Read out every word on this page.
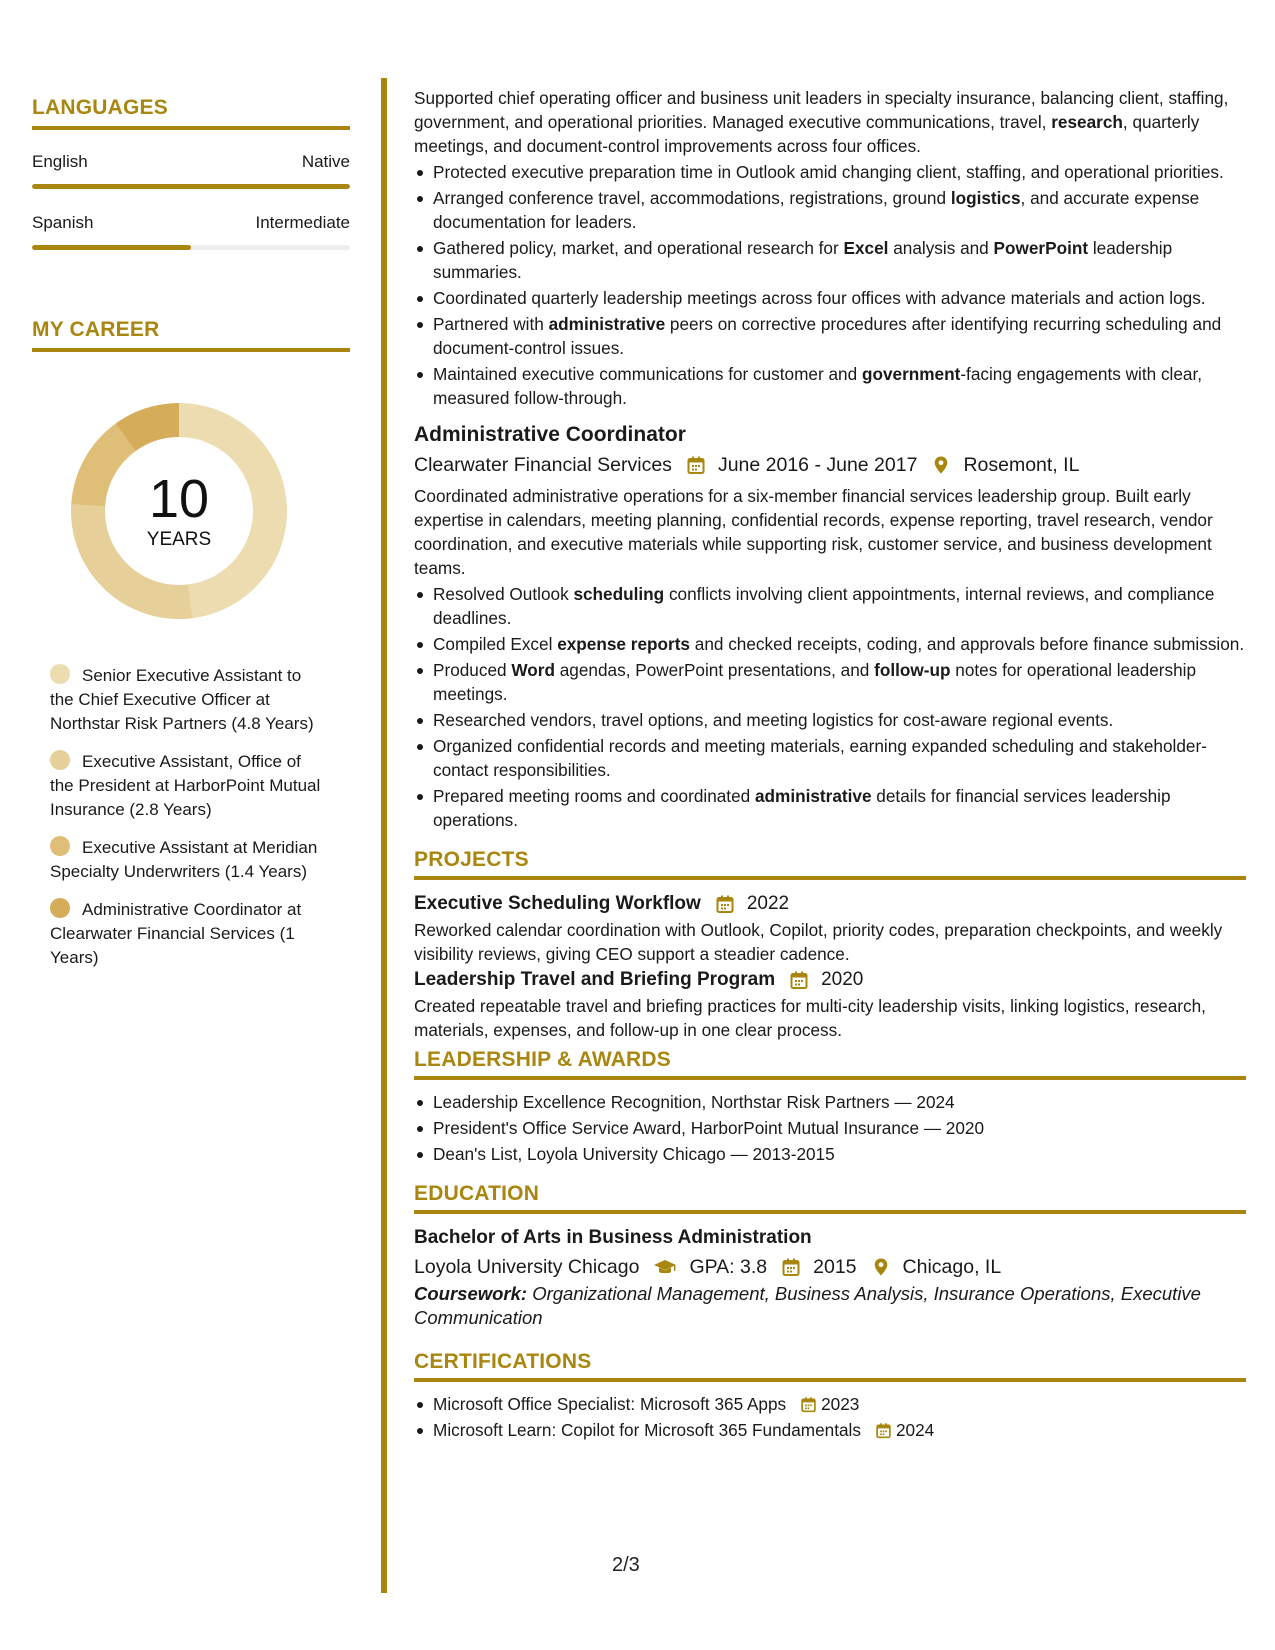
LANGUAGES
English	Native
Spanish	Intermediate
MY CAREER
10
YEARS
Senior Executive Assistant to the Chief Executive Officer at Northstar Risk Partners (4.8 Years)
Executive Assistant, Office of the President at HarborPoint Mutual Insurance (2.8 Years)
Executive Assistant at Meridian Specialty Underwriters (1.4 Years)
Administrative Coordinator at Clearwater Financial Services (1 Years)

Supported chief operating officer and business unit leaders in specialty insurance, balancing client, staffing, government, and operational priorities. Managed executive communications, travel, research, quarterly meetings, and document-control improvements across four offices.

Protected executive preparation time in Outlook amid changing client, staffing, and operational priorities.
Arranged conference travel, accommodations, registrations, ground logistics, and accurate expense documentation for leaders.
Gathered policy, market, and operational research for Excel analysis and PowerPoint leadership summaries.
Coordinated quarterly leadership meetings across four offices with advance materials and action logs.
Partnered with administrative peers on corrective procedures after identifying recurring scheduling and document-control issues.
Maintained executive communications for customer and government-facing engagements with clear, measured follow-through.
Administrative Coordinator
Clearwater Financial Services June 2016 - June 2017 Rosemont, IL

Coordinated administrative operations for a six-member financial services leadership group. Built early expertise in calendars, meeting planning, confidential records, expense reporting, travel research, vendor coordination, and executive materials while supporting risk, customer service, and business development teams.

Resolved Outlook scheduling conflicts involving client appointments, internal reviews, and compliance deadlines.
Compiled Excel expense reports and checked receipts, coding, and approvals before finance submission.
Produced Word agendas, PowerPoint presentations, and follow-up notes for operational leadership meetings.
Researched vendors, travel options, and meeting logistics for cost-aware regional events.
Organized confidential records and meeting materials, earning expanded scheduling and stakeholder-contact responsibilities.
Prepared meeting rooms and coordinated administrative details for financial services leadership operations.
PROJECTS
Executive Scheduling Workflow 2022

Reworked calendar coordination with Outlook, Copilot, priority codes, preparation checkpoints, and weekly visibility reviews, giving CEO support a steadier cadence.

Leadership Travel and Briefing Program 2020

Created repeatable travel and briefing practices for multi-city leadership visits, linking logistics, research, materials, expenses, and follow-up in one clear process.

LEADERSHIP & AWARDS
Leadership Excellence Recognition, Northstar Risk Partners — 2024
President's Office Service Award, HarborPoint Mutual Insurance — 2020
Dean's List, Loyola University Chicago — 2013-2015
EDUCATION
Bachelor of Arts in Business Administration
Loyola University Chicago	GPA: 3.8 2015 Chicago, IL

Coursework: Organizational Management, Business Analysis, Insurance Operations, Executive Communication

CERTIFICATIONS
Microsoft Office Specialist: Microsoft 365 Apps 2023
Microsoft Learn: Copilot for Microsoft 365 Fundamentals 2024
2/3
